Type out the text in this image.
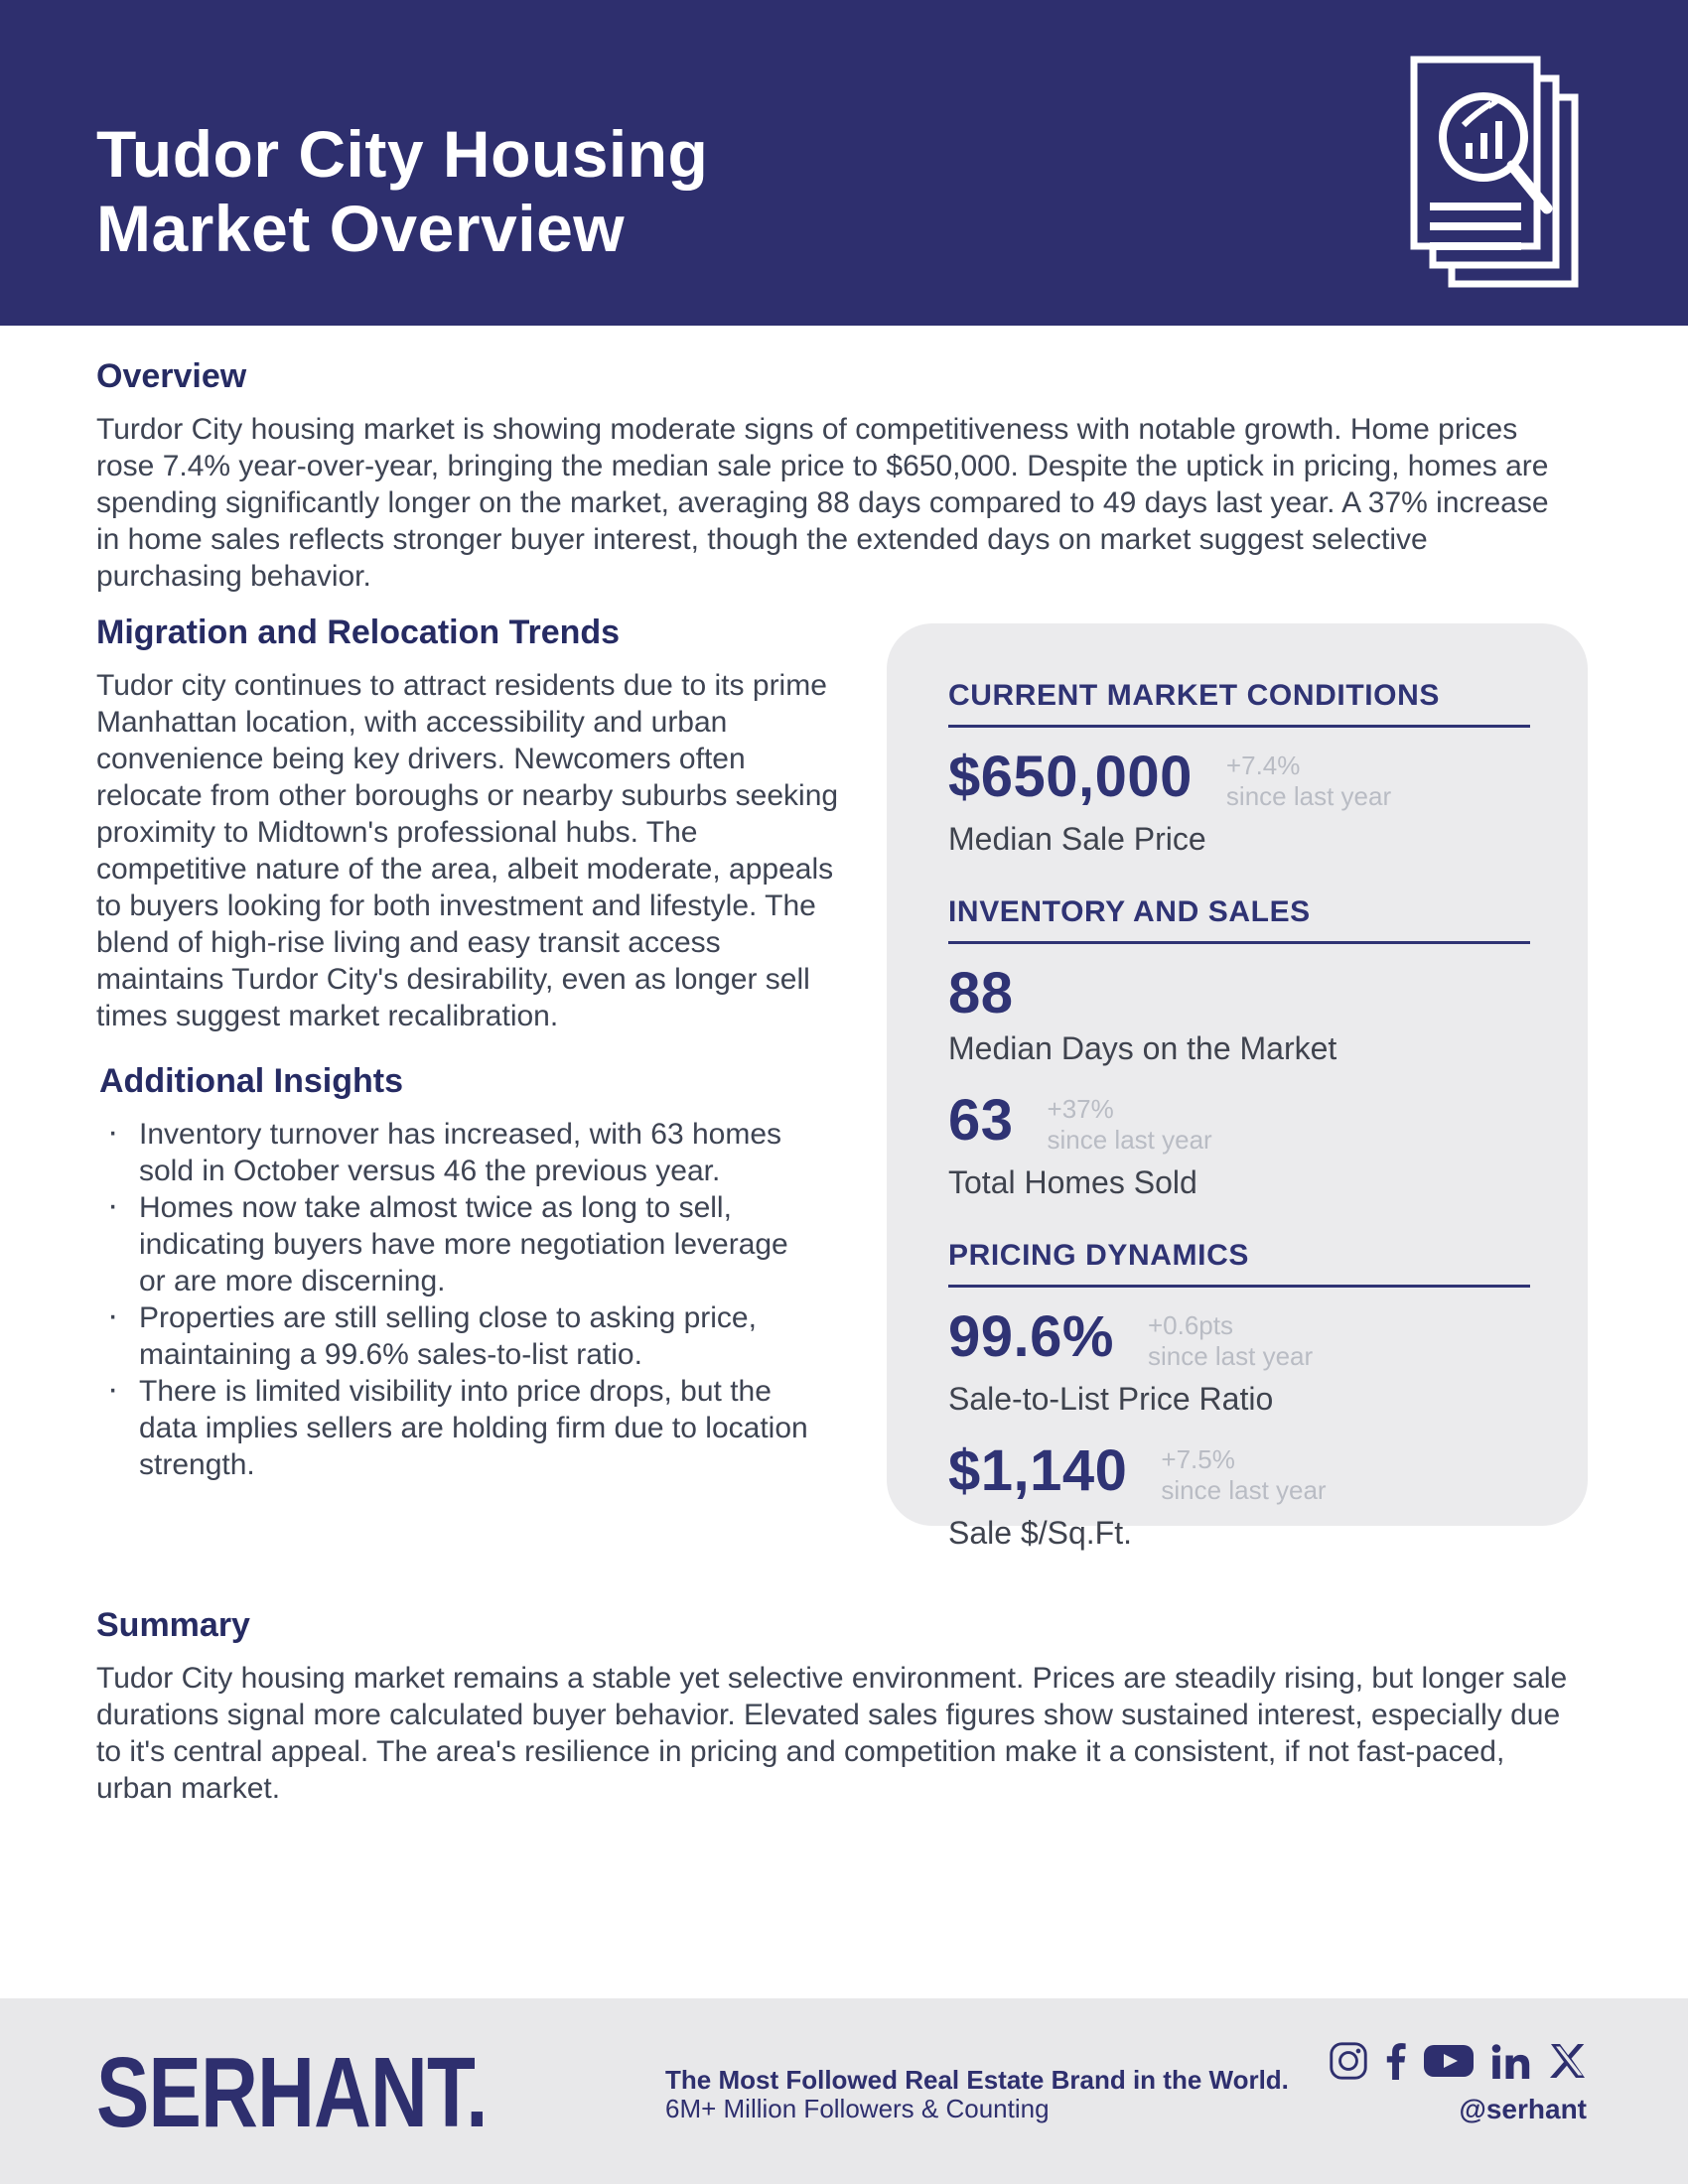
Tudor City Housing
Market Overview
Overview

Turdor City housing market is showing moderate signs of competitiveness with notable growth. Home prices rose 7.4% year-over-year, bringing the median sale price to $650,000. Despite the uptick in pricing, homes are spending significantly longer on the market, averaging 88 days compared to 49 days last year. A 37% increase in home sales reflects stronger buyer interest, though the extended days on market suggest selective purchasing behavior.

Migration and Relocation Trends

Tudor city continues to attract residents due to its prime Manhattan location, with accessibility and urban convenience being key drivers. Newcomers often relocate from other boroughs or nearby suburbs seeking proximity to Midtown's professional hubs. The competitive nature of the area, albeit moderate, appeals to buyers looking for both investment and lifestyle. The blend of high-rise living and easy transit access maintains Turdor City's desirability, even as longer sell times suggest market recalibration.

Additional Insights
· Inventory turnover has increased, with 63 homes sold in October versus 46 the previous year.
· Homes now take almost twice as long to sell, indicating buyers have more negotiation leverage or are more discerning.
· Properties are still selling close to asking price, maintaining a 99.6% sales-to-list ratio.
· There is limited visibility into price drops, but the data implies sellers are holding firm due to location strength.
CURRENT MARKET CONDITIONS
$650,000 +7.4%
since last year
Median Sale Price
INVENTORY AND SALES
88
Median Days on the Market
63 +37%
since last year
Total Homes Sold
PRICING DYNAMICS
99.6% +0.6pts
since last year
Sale-to-List Price Ratio
$1,140 +7.5%
since last year
Sale $/Sq.Ft.
Summary

Tudor City housing market remains a stable yet selective environment. Prices are steadily rising, but longer sale durations signal more calculated buyer behavior. Elevated sales figures show sustained interest, especially due to it's central appeal. The area's resilience in pricing and competition make it a consistent, if not fast-paced, urban market.

SERHANT.	The Most Followed Real Estate Brand in the World.
6M+ Million Followers & Counting	@serhant
